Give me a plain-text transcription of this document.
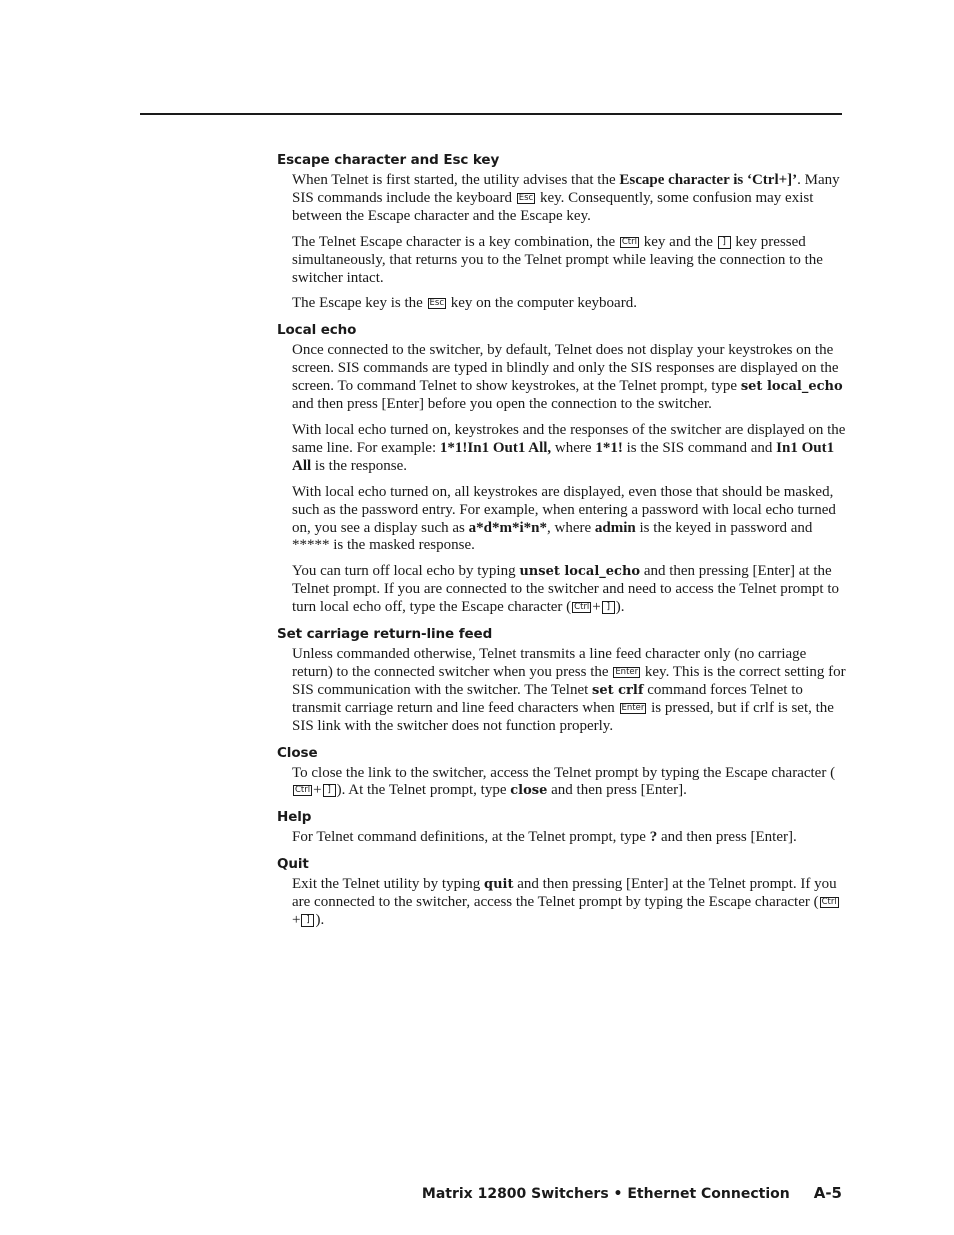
Escape character and Esc key

When Telnet is first started, the utility advises that the Escape character is ‘Ctrl+]’. Many SIS commands include the keyboard Esc key. Consequently, some confusion may exist between the Escape character and the Escape key.

The Telnet Escape character is a key combination, the Ctrl key and the ] key pressed simultaneously, that returns you to the Telnet prompt while leaving the connection to the switcher intact.

The Escape key is the Esc key on the computer keyboard.

Local echo

Once connected to the switcher, by default, Telnet does not display your keystrokes on the screen. SIS commands are typed in blindly and only the SIS responses are displayed on the screen. To command Telnet to show keystrokes, at the Telnet prompt, type set local_echo and then press [Enter] before you open the connection to the switcher.

With local echo turned on, keystrokes and the responses of the switcher are displayed on the same line. For example: 1*1!In1 Out1 All, where 1*1! is the SIS command and In1 Out1 All is the response.

With local echo turned on, all keystrokes are displayed, even those that should be masked, such as the password entry. For example, when entering a password with local echo turned on, you see a display such as a*d*m*i*n*, where admin is the keyed in password and ***** is the masked response.

You can turn off local echo by typing unset local_echo and then pressing [Enter] at the Telnet prompt. If you are connected to the switcher and need to access the Telnet prompt to turn local echo off, type the Escape character ( Ctrl + ] ).

Set carriage return-line feed

Unless commanded otherwise, Telnet transmits a line feed character only (no carriage return) to the connected switcher when you press the Enter key. This is the correct setting for SIS communication with the switcher. The Telnet set crlf command forces Telnet to transmit carriage return and line feed characters when Enter is pressed, but if crlf is set, the SIS link with the switcher does not function properly.

Close

To close the link to the switcher, access the Telnet prompt by typing the Escape character (Ctrl + ] ). At the Telnet prompt, type close and then press [Enter].

Help

For Telnet command definitions, at the Telnet prompt, type ? and then press [Enter].

Quit

Exit the Telnet utility by typing quit and then pressing [Enter] at the Telnet prompt. If you are connected to the switcher, access the Telnet prompt by typing the Escape character ( Ctrl+ ] ).

Matrix 12800 Switchers • Ethernet Connection A-5
